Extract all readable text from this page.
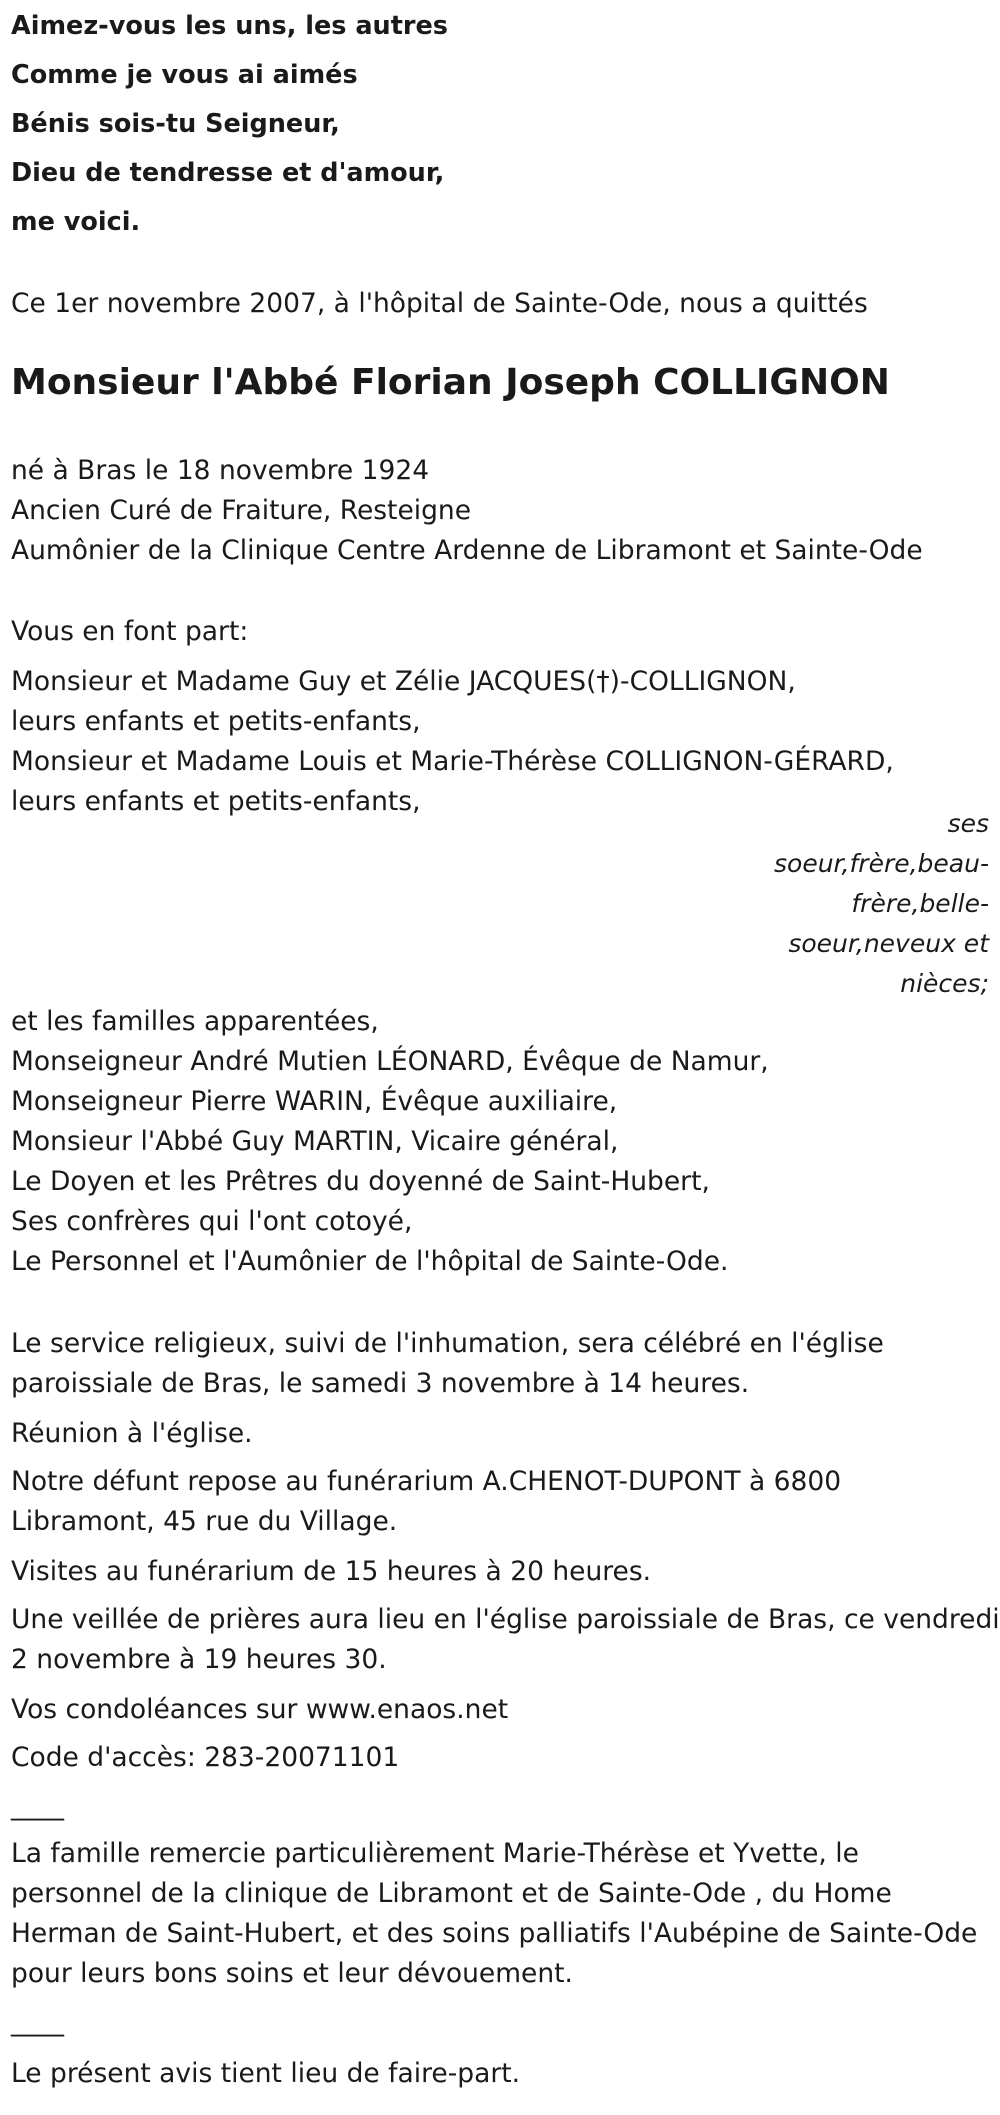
Aimez-vous les uns, les autres

Comme je vous ai aimés

Bénis sois-tu Seigneur,

Dieu de tendresse et d'amour,

me voici.

Ce 1er novembre 2007, à l'hôpital de Sainte-Ode, nous a quittés

Monsieur l'Abbé Florian Joseph COLLIGNON

né à Bras le 18 novembre 1924

Ancien Curé de Fraiture, Resteigne

Aumônier de la Clinique Centre Ardenne de Libramont et Sainte-Ode

Vous en font part:

Monsieur et Madame Guy et Zélie JACQUES(†)-COLLIGNON,

leurs enfants et petits-enfants,

Monsieur et Madame Louis et Marie-Thérèse COLLIGNON-GÉRARD,

leurs enfants et petits-enfants,

ses soeur,frère,beau-frère,belle-soeur,neveux et nièces;

et les familles apparentées,

Monseigneur André Mutien LÉONARD, Évêque de Namur,

Monseigneur Pierre WARIN, Évêque auxiliaire,

Monsieur l'Abbé Guy MARTIN, Vicaire général,

Le Doyen et les Prêtres du doyenné de Saint-Hubert,

Ses confrères qui l'ont cotoyé,

Le Personnel et l'Aumônier de l'hôpital de Sainte-Ode.

Le service religieux, suivi de l'inhumation, sera célébré en l'église

paroissiale de Bras, le samedi 3 novembre à 14 heures.

Réunion à l'église.

Notre défunt repose au funérarium A.CHENOT-DUPONT à 6800

Libramont, 45 rue du Village.

Visites au funérarium de 15 heures à 20 heures.

Une veillée de prières aura lieu en l'église paroissiale de Bras, ce vendredi

2 novembre à 19 heures 30.

Vos condoléances sur www.enaos.net

Code d'accès: 283-20071101

____

La famille remercie particulièrement Marie-Thérèse et Yvette, le

personnel de la clinique de Libramont et de Sainte-Ode , du Home

Herman de Saint-Hubert, et des soins palliatifs l'Aubépine de Sainte-Ode

pour leurs bons soins et leur dévouement.

____

Le présent avis tient lieu de faire-part.
